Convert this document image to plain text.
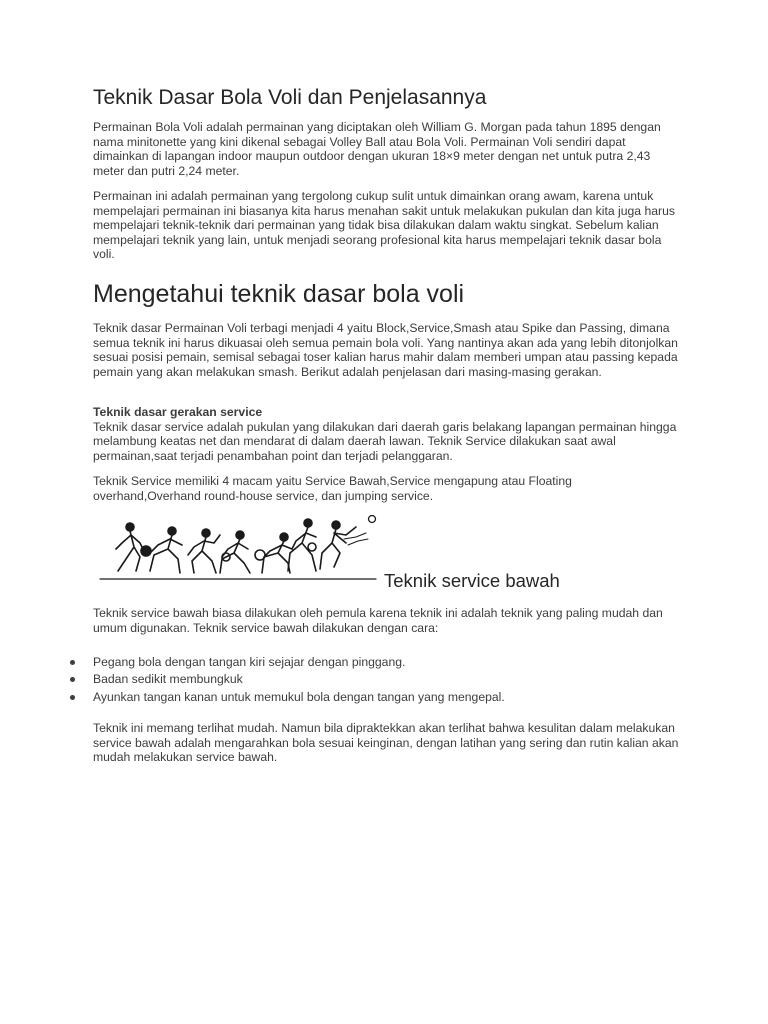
Teknik Dasar Bola Voli dan Penjelasannya

Permainan Bola Voli adalah permainan yang diciptakan oleh William G. Morgan pada tahun 1895 dengan nama minitonette yang kini dikenal sebagai Volley Ball atau Bola Voli. Permainan Voli sendiri dapat dimainkan di lapangan indoor maupun outdoor dengan ukuran 18×9 meter dengan net untuk putra 2,43 meter dan putri 2,24 meter.

Permainan ini adalah permainan yang tergolong cukup sulit untuk dimainkan orang awam, karena untuk mempelajari permainan ini biasanya kita harus menahan sakit untuk melakukan pukulan dan kita juga harus mempelajari teknik-teknik dari permainan yang tidak bisa dilakukan dalam waktu singkat. Sebelum kalian mempelajari teknik yang lain, untuk menjadi seorang profesional kita harus mempelajari teknik dasar bola voli.

Mengetahui teknik dasar bola voli

Teknik dasar Permainan Voli terbagi menjadi 4 yaitu Block,Service,Smash atau Spike dan Passing, dimana semua teknik ini harus dikuasai oleh semua pemain bola voli. Yang nantinya akan ada yang lebih ditonjolkan sesuai posisi pemain, semisal sebagai toser kalian harus mahir dalam memberi umpan atau passing kepada pemain yang akan melakukan smash. Berikut adalah penjelasan dari masing-masing gerakan.

Teknik dasar gerakan service
Teknik dasar service adalah pukulan yang dilakukan dari daerah garis belakang lapangan permainan hingga melambung keatas net dan mendarat di dalam daerah lawan. Teknik Service dilakukan saat awal permainan,saat terjadi penambahan point dan terjadi pelanggaran.

Teknik Service memiliki 4 macam yaitu Service Bawah,Service mengapung atau Floating overhand,Overhand round-house service, dan jumping service.

Teknik service bawah

Teknik service bawah biasa dilakukan oleh pemula karena teknik ini adalah teknik yang paling mudah dan umum digunakan. Teknik service bawah dilakukan dengan cara:

Pegang bola dengan tangan kiri sejajar dengan pinggang.
Badan sedikit membungkuk
Ayunkan tangan kanan untuk memukul bola dengan tangan yang mengepal.

Teknik ini memang terlihat mudah. Namun bila dipraktekkan akan terlihat bahwa kesulitan dalam melakukan service bawah adalah mengarahkan bola sesuai keinginan, dengan latihan yang sering dan rutin kalian akan mudah melakukan service bawah.
